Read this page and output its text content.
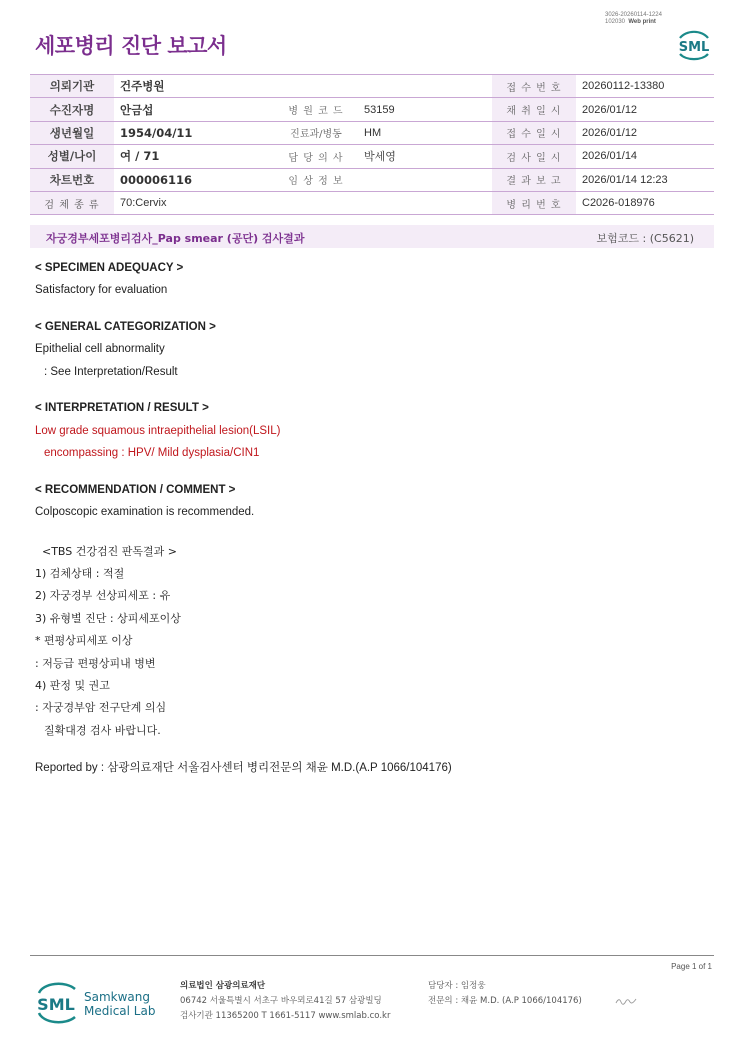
3026-20260114-1224
102030 Web print
세포병리 진단 보고서	SML
의뢰기관	건주병원			접 수 번 호	20260112-13380
수진자명	안금섭	병 원 코 드	53159	채 취 일 시	2026/01/12
생년월일	1954/04/11	진료과/병동	HM	접 수 일 시	2026/01/12
성별/나이	여 / 71	담 당 의 사	박세영	검 사 일 시	2026/01/14
차트번호	000006116	임 상 정 보		결 과 보 고	2026/01/14 12:23
검 체 종 류	70:Cervix			병 리 번 호	C2026-018976
자궁경부세포병리검사_Pap smear (공단) 검사결과	보험코드 : (C5621)
< SPECIMEN ADEQUACY >
Satisfactory for evaluation
< GENERAL CATEGORIZATION >
Epithelial cell abnormality
: See Interpretation/Result
< INTERPRETATION / RESULT >
Low grade squamous intraepithelial lesion(LSIL)
encompassing : HPV/ Mild dysplasia/CIN1
< RECOMMENDATION / COMMENT >
Colposcopic examination is recommended.
<TBS 건강검진 판독결과 >
1) 검체상태 : 적절
2) 자궁경부 선상피세포 : 유
3) 유형별 진단 : 상피세포이상
* 편평상피세포 이상
: 저등급 편평상피내 병변
4) 판정 및 권고
: 자궁경부암 전구단계 의심
질확대경 검사 바랍니다.
Reported by : 삼광의료재단 서울검사센터 병리전문의 채윤 M.D.(A.P 1066/104176)
Page 1 of 1
SML Samkwang
Medical Lab
의료법인 삼광의료재단
06742 서울특별시 서초구 바우뫼로41길 57 삼광빌딩
검사기관 11365200 T 1661-5117 www.smlab.co.kr
담당자 : 임정웅
전문의 : 채윤 M.D. (A.P 1066/104176)
